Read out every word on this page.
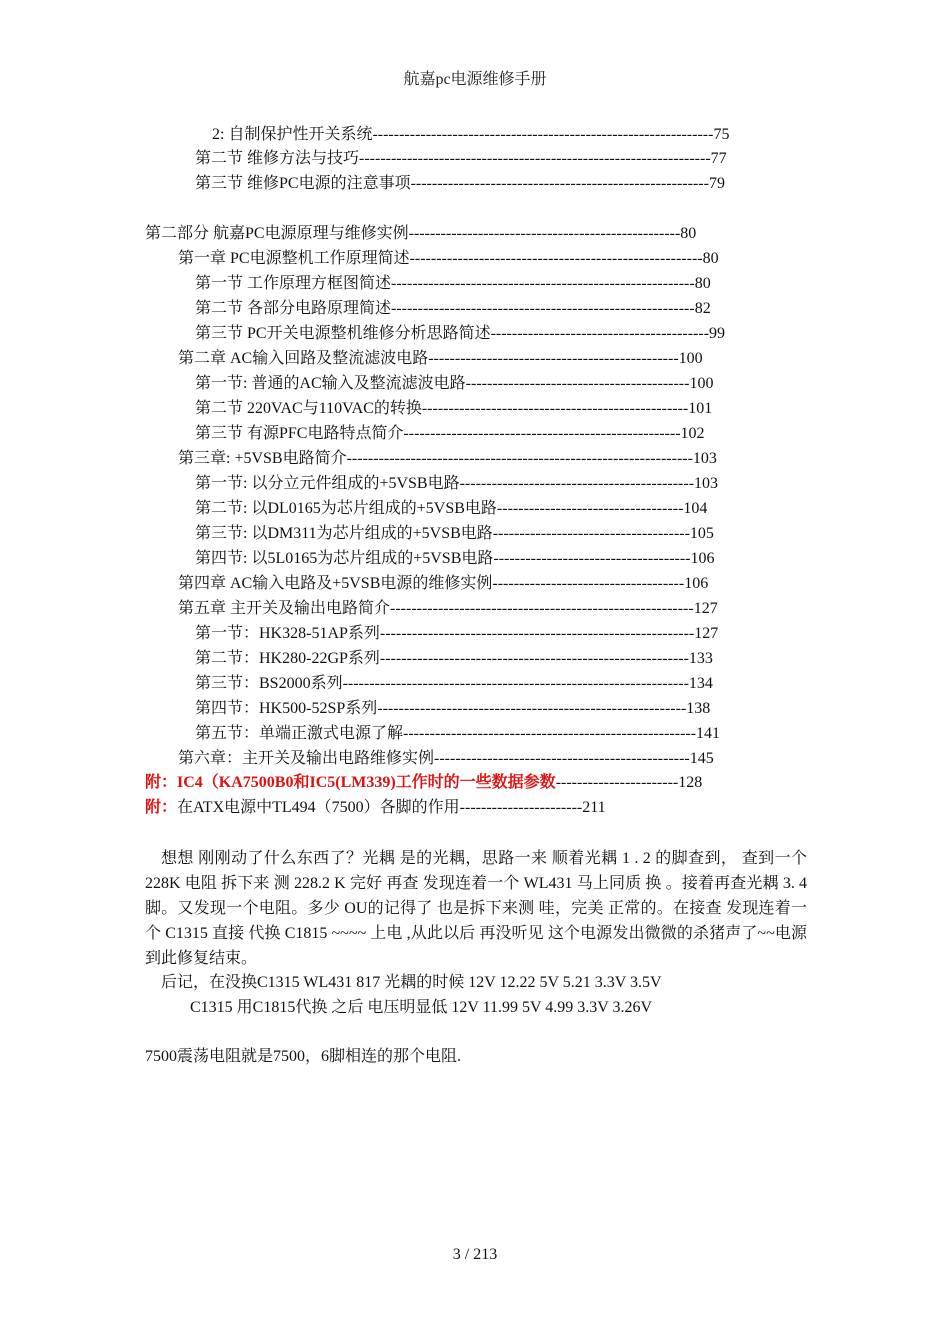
航嘉pc电源维修手册
2: 自制保护性开关系统----------------------------------------------------------------75
第二节 维修方法与技巧------------------------------------------------------------------77
第三节 维修PC电源的注意事项--------------------------------------------------------79
第二部分 航嘉PC电源原理与维修实例---------------------------------------------------80
第一章 PC电源整机工作原理简述-------------------------------------------------------80
第一节 工作原理方框图简述---------------------------------------------------------80
第二节 各部分电路原理简述---------------------------------------------------------82
第三节 PC开关电源整机维修分析思路简述-----------------------------------------99
第二章 AC输入回路及整流滤波电路-----------------------------------------------100
第一节: 普通的AC输入及整流滤波电路------------------------------------------100
第二节 220VAC与110VAC的转换--------------------------------------------------101
第三节 有源PFC电路特点简介----------------------------------------------------102
第三章: +5VSB电路简介-----------------------------------------------------------------103
第一节: 以分立元件组成的+5VSB电路--------------------------------------------103
第二节: 以DL0165为芯片组成的+5VSB电路-----------------------------------104
第三节: 以DM311为芯片组成的+5VSB电路-------------------------------------105
第四节: 以5L0165为芯片组成的+5VSB电路-------------------------------------106
第四章 AC输入电路及+5VSB电源的维修实例------------------------------------106
第五章 主开关及输出电路简介---------------------------------------------------------127
第一节：HK328-51AP系列-----------------------------------------------------------127
第二节：HK280-22GP系列----------------------------------------------------------133
第三节：BS2000系列-----------------------------------------------------------------134
第四节：HK500-52SP系列----------------------------------------------------------138
第五节：单端正激式电源了解-------------------------------------------------------141
第六章：主开关及输出电路维修实例------------------------------------------------145
附：IC4（KA7500B0和IC5(LM339)工作时的一些数据参数-----------------------128
附：在ATX电源中TL494（7500）各脚的作用-----------------------211
想想 刚刚动了什么东西了？光耦 是的光耦，思路一来 顺着光耦 1 . 2 的脚查到， 查到一个228K 电阻 拆下来 测 228.2 K 完好 再查 发现连着一个 WL431 马上同质 换 。接着再查光耦 3. 4 脚。又发现一个电阻。多少 OU的记得了 也是拆下来测 哇，完美 正常的。在接查 发现连着一个 C1315 直接 代换 C1815 ~~~~ 上电 ,从此以后 再没听见 这个电源发出微微的杀猪声了~~电源到此修复结束。
后记，在没换C1315 WL431 817 光耦的时候 12V 12.22 5V 5.21 3.3V 3.5V
C1315 用C1815代换 之后 电压明显低 12V 11.99 5V 4.99 3.3V 3.26V
7500震荡电阻就是7500，6脚相连的那个电阻.
3 / 213
